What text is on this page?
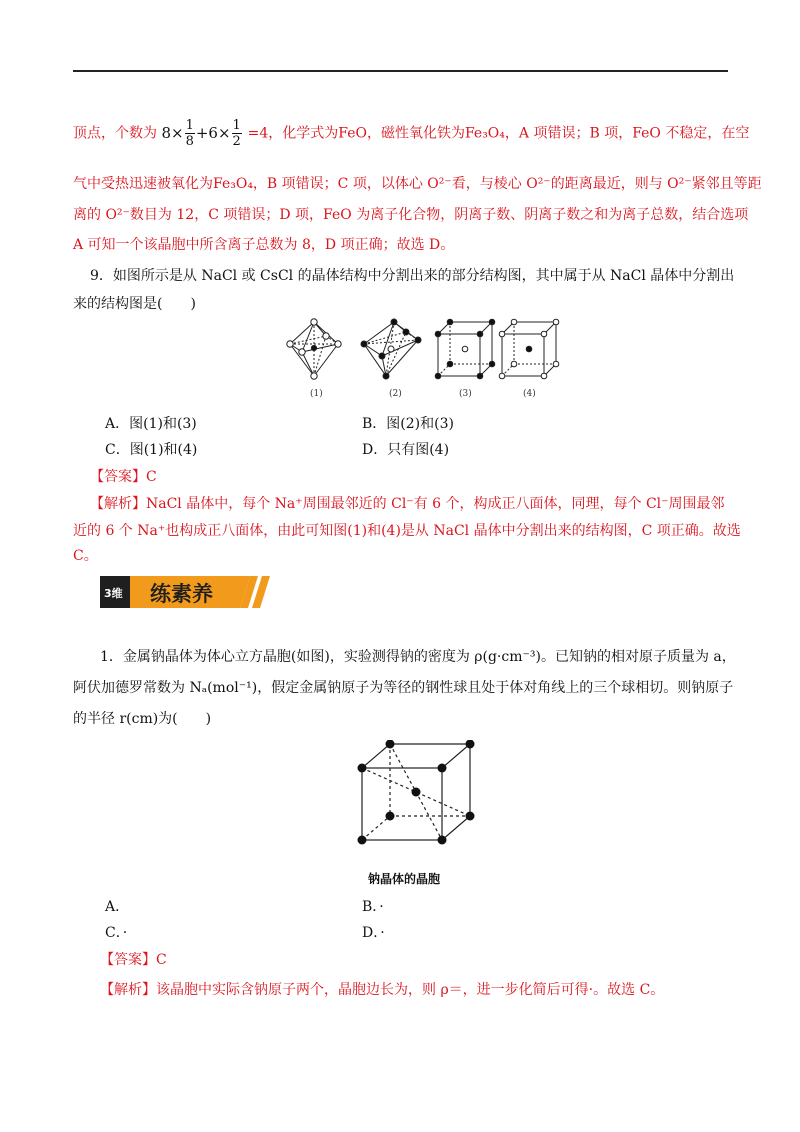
顶点，个数为 $8\times \frac{1}{8} +6\times \frac{1}{2} =4$，化学式为FeO，磁性氧化铁为Fe₃O₄，A 项错误；B 项，FeO 不稳定，在空
气中受热迅速被氧化为Fe₃O₄，B 项错误；C 项，以体心 O²⁻看，与棱心 O²⁻的距离最近，则与 O²⁻紧邻且等距
离的 O²⁻数目为 12，C 项错误；D 项，FeO 为离子化合物，阴离子数、阴离子数之和为离子总数，结合选项
A 可知一个该晶胞中所含离子总数为 8，D 项正确；故选 D。
9．如图所示是从 NaCl 或 CsCl 的晶体结构中分割出来的部分结构图，其中属于从 NaCl 晶体中分割出
来的结构图是(　　)
(1)	(2)	(3)	(4)
A．图(1)和(3)	B．图(2)和(3)
C．图(1)和(4)	D．只有图(4)
【答案】C
【解析】NaCl 晶体中，每个 Na⁺周围最邻近的 Cl⁻有 6 个，构成正八面体，同理，每个 Cl⁻周围最邻
近的 6 个 Na⁺也构成正八面体，由此可知图(1)和(4)是从 NaCl 晶体中分割出来的结构图，C 项正确。故选
C。
3维 练素养
1．金属钠晶体为体心立方晶胞(如图)，实验测得钠的密度为 ρ(g·cm⁻³)。已知钠的相对原子质量为 a，
阿伏加德罗常数为 Nₐ(mol⁻¹)，假定金属钠原子为等径的钢性球且处于体对角线上的三个球相切。则钠原子
的半径 r(cm)为(　　)
钠晶体的晶胞
A．	B．·
C．·	D．·
【答案】C
【解析】该晶胞中实际含钠原子两个，晶胞边长为，则 ρ＝，进一步化简后可得·。故选 C。
